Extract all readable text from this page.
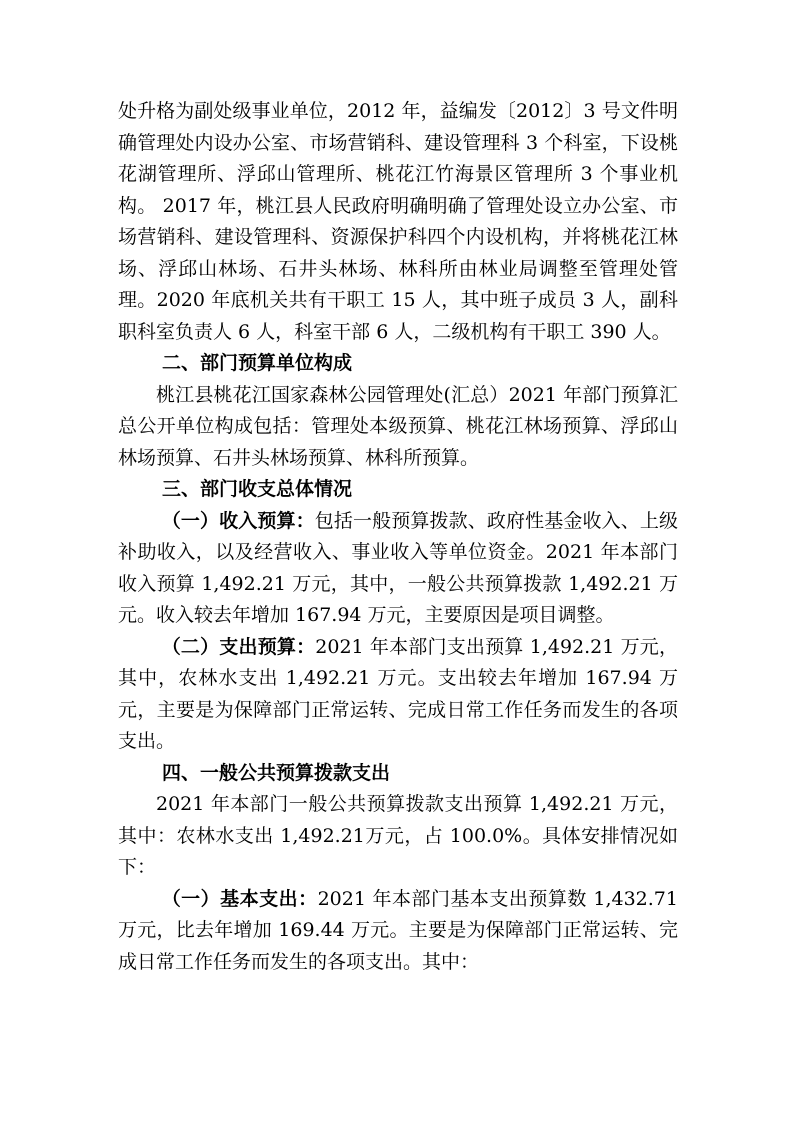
处升格为副处级事业单位，2012 年，益编发〔2012〕3 号文件明确管理处内设办公室、市场营销科、建设管理科 3 个科室，下设桃花湖管理所、浮邱山管理所、桃花江竹海景区管理所 3 个事业机构。 2017 年，桃江县人民政府明确明确了管理处设立办公室、市场营销科、建设管理科、资源保护科四个内设机构，并将桃花江林场、浮邱山林场、石井头林场、林科所由林业局调整至管理处管理。2020 年底机关共有干职工 15 人，其中班子成员 3 人，副科职科室负责人 6 人，科室干部 6 人，二级机构有干职工 390 人。

二、部门预算单位构成

桃江县桃花江国家森林公园管理处(汇总）2021 年部门预算汇总公开单位构成包括：管理处本级预算、桃花江林场预算、浮邱山林场预算、石井头林场预算、林科所预算。

三、部门收支总体情况

（一）收入预算：包括一般预算拨款、政府性基金收入、上级补助收入，以及经营收入、事业收入等单位资金。2021 年本部门收入预算 1,492.21 万元，其中，一般公共预算拨款 1,492.21 万元。收入较去年增加 167.94 万元，主要原因是项目调整。

（二）支出预算：2021 年本部门支出预算 1,492.21 万元，其中，农林水支出 1,492.21 万元。支出较去年增加 167.94 万元，主要是为保障部门正常运转、完成日常工作任务而发生的各项支出。

四、一般公共预算拨款支出

2021 年本部门一般公共预算拨款支出预算 1,492.21 万元，其中：农林水支出 1,492.21万元，占 100.0%。具体安排情况如下：

（一）基本支出：2021 年本部门基本支出预算数 1,432.71 万元，比去年增加 169.44 万元。主要是为保障部门正常运转、完成日常工作任务而发生的各项支出。其中：
